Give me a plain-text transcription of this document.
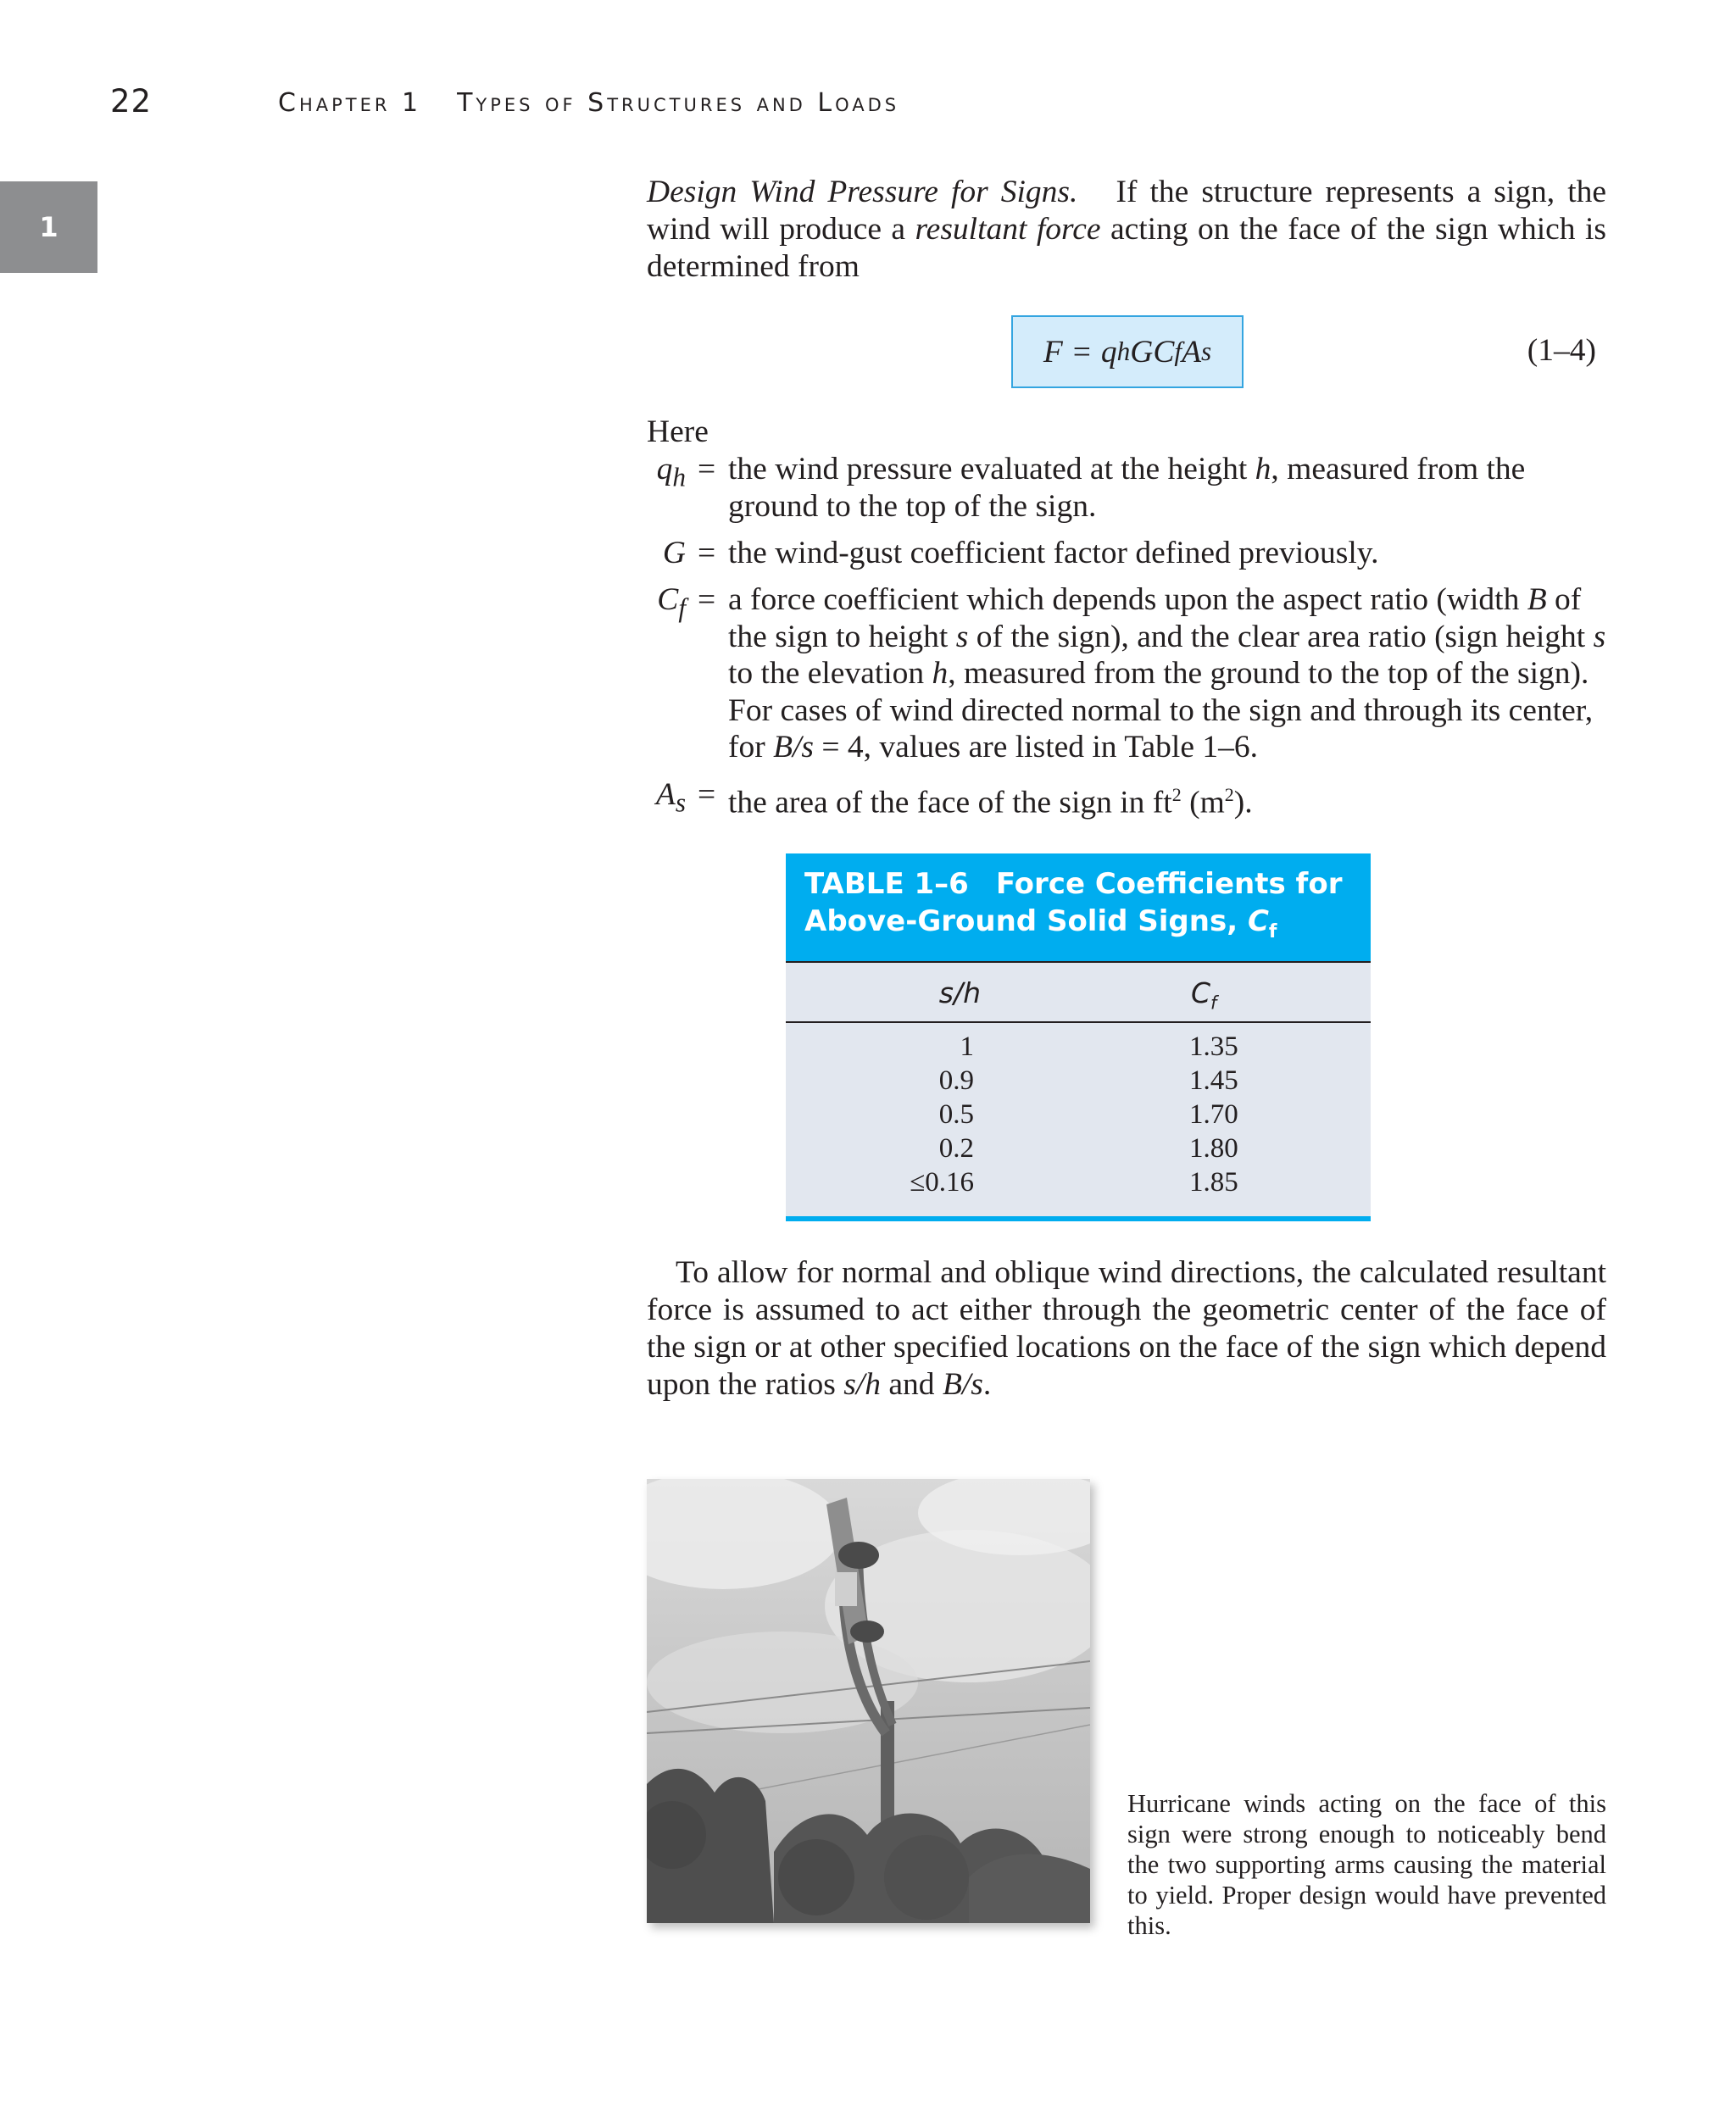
22	Chapter 1 Types of Structures and Loads
1

Design Wind Pressure for Signs. If the structure represents a sign, the wind will produce a resultant force acting on the face of the sign which is determined from

F = q h G C f A s	(1–4)
Here
$q_h$ = the wind pressure evaluated at the height h, measured from the ground to the top of the sign.
G = the wind-gust coefficient factor defined previously.
$C_f = a$ force coefficient which depends upon the aspect ratio (width B of the sign to height s of the sign), and the clear area ratio (sign height s to the elevation h, measured from the ground to the top of the sign). For cases of wind directed normal to the sign and through its center, for B/s = 4, values are listed in Table 1–6.
$A_s$ = the area of the face of the sign in $ft^2$ $(m^2)$.
TABLE 1–6 Force Coefficients for
Above-Ground Solid Signs, $C_f$
s/h	$C_f$
1	1.35
0.9	1.45
0.5	1.70
0.2	1.80
≤0.16	1.85

To allow for normal and oblique wind directions, the calculated resultant force is assumed to act either through the geometric center of the face of the sign or at other specified locations on the face of the sign which depend upon the ratios s/h and B/s.

Hurricane winds acting on the face of this sign were strong enough to noticeably bend the two supporting arms causing the material to yield. Proper design would have prevented this.
